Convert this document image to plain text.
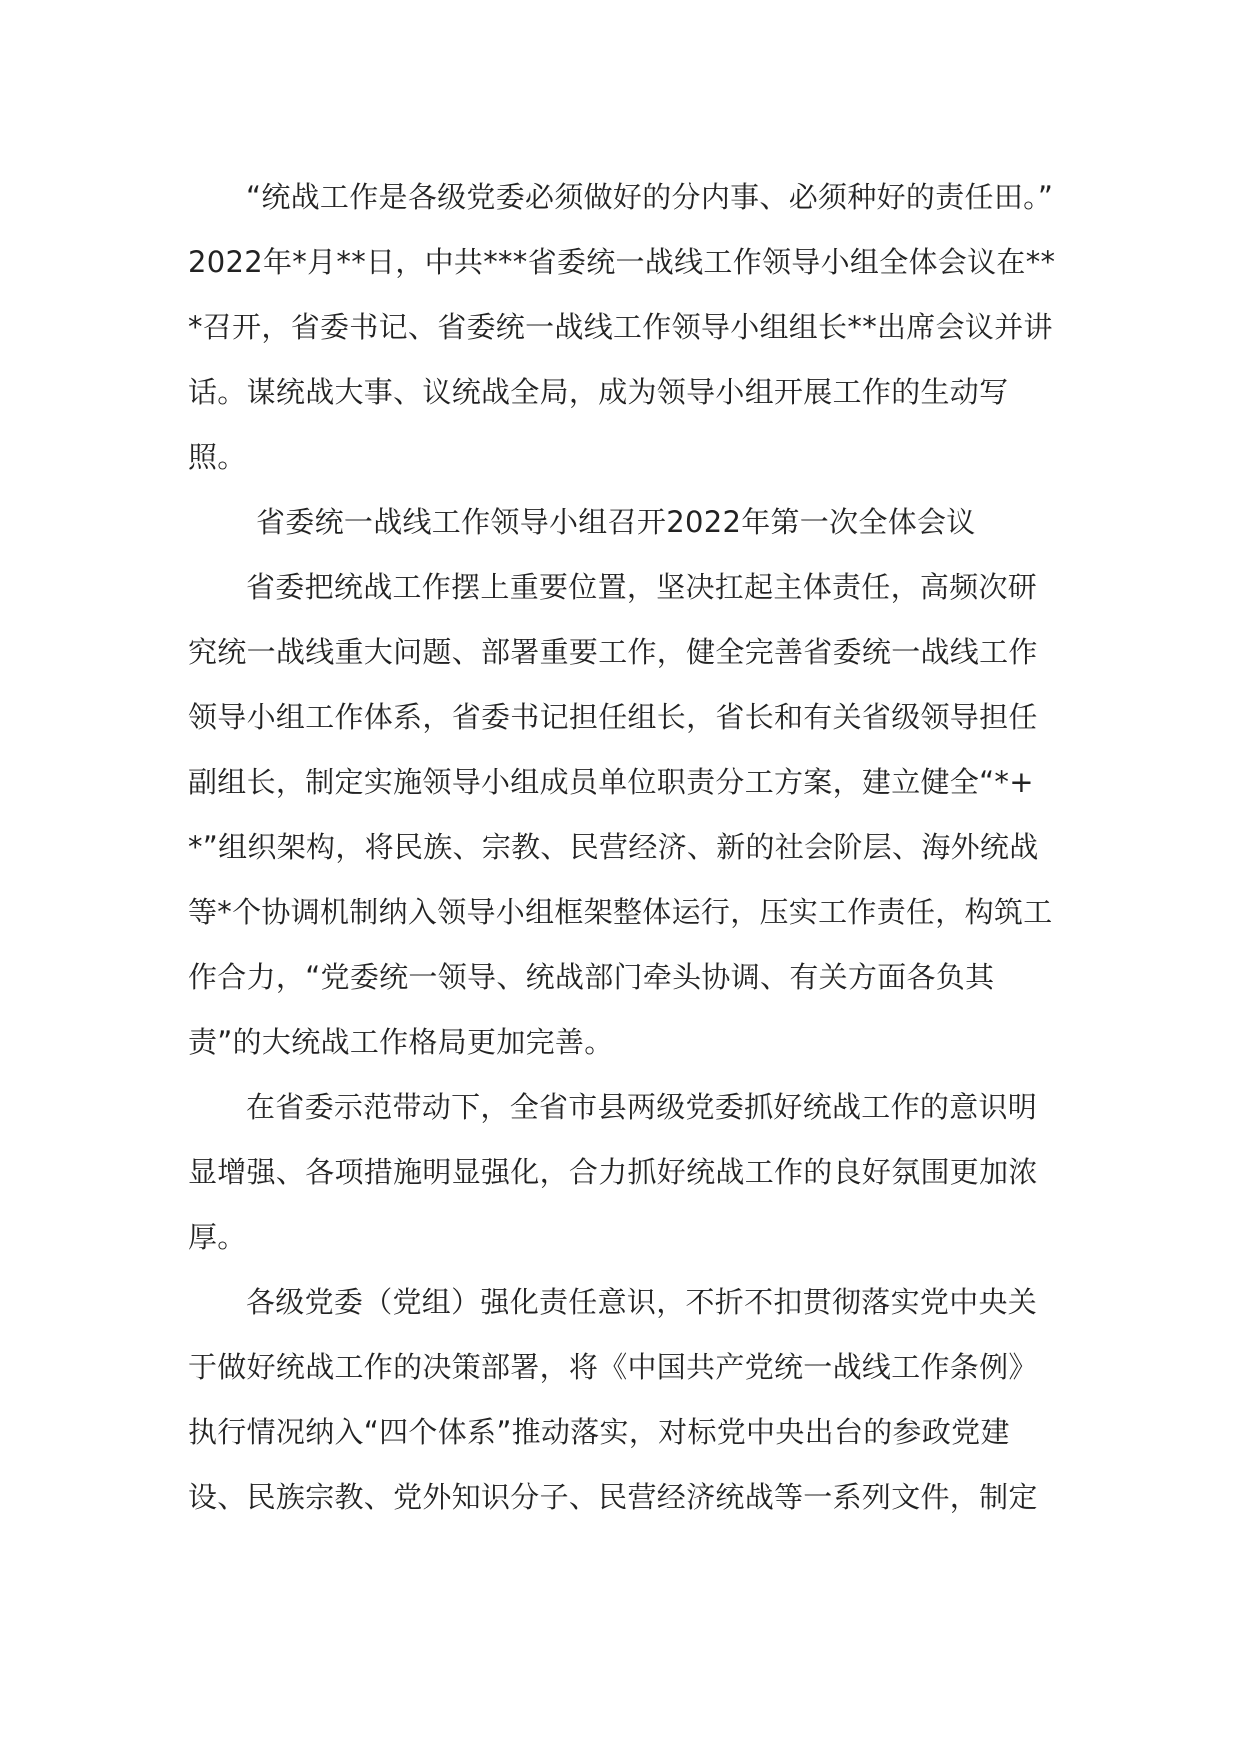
“统战工作是各级党委必须做好的分内事、必须种好的责任田。” 2022年*月**日，中共***省委统一战线工作领导小组全体会议在***召开，省委书记、省委统一战线工作领导小组组长**出席会议并讲话。谋统战大事、议统战全局，成为领导小组开展工作的生动写照。

省委统一战线工作领导小组召开2022年第一次全体会议

省委把统战工作摆上重要位置，坚决扛起主体责任，高频次研究统一战线重大问题、部署重要工作，健全完善省委统一战线工作领导小组工作体系，省委书记担任组长，省长和有关省级领导担任副组长，制定实施领导小组成员单位职责分工方案，建立健全“*+*”组织架构，将民族、宗教、民营经济、新的社会阶层、海外统战等*个协调机制纳入领导小组框架整体运行，压实工作责任，构筑工作合力，“党委统一领导、统战部门牵头协调、有关方面各负其责”的大统战工作格局更加完善。

在省委示范带动下，全省市县两级党委抓好统战工作的意识明显增强、各项措施明显强化，合力抓好统战工作的良好氛围更加浓厚。

各级党委（党组）强化责任意识，不折不扣贯彻落实党中央关于做好统战工作的决策部署，将《中国共产党统一战线工作条例》执行情况纳入“四个体系”推动落实，对标党中央出台的参政党建设、民族宗教、党外知识分子、民营经济统战等一系列文件，制定
